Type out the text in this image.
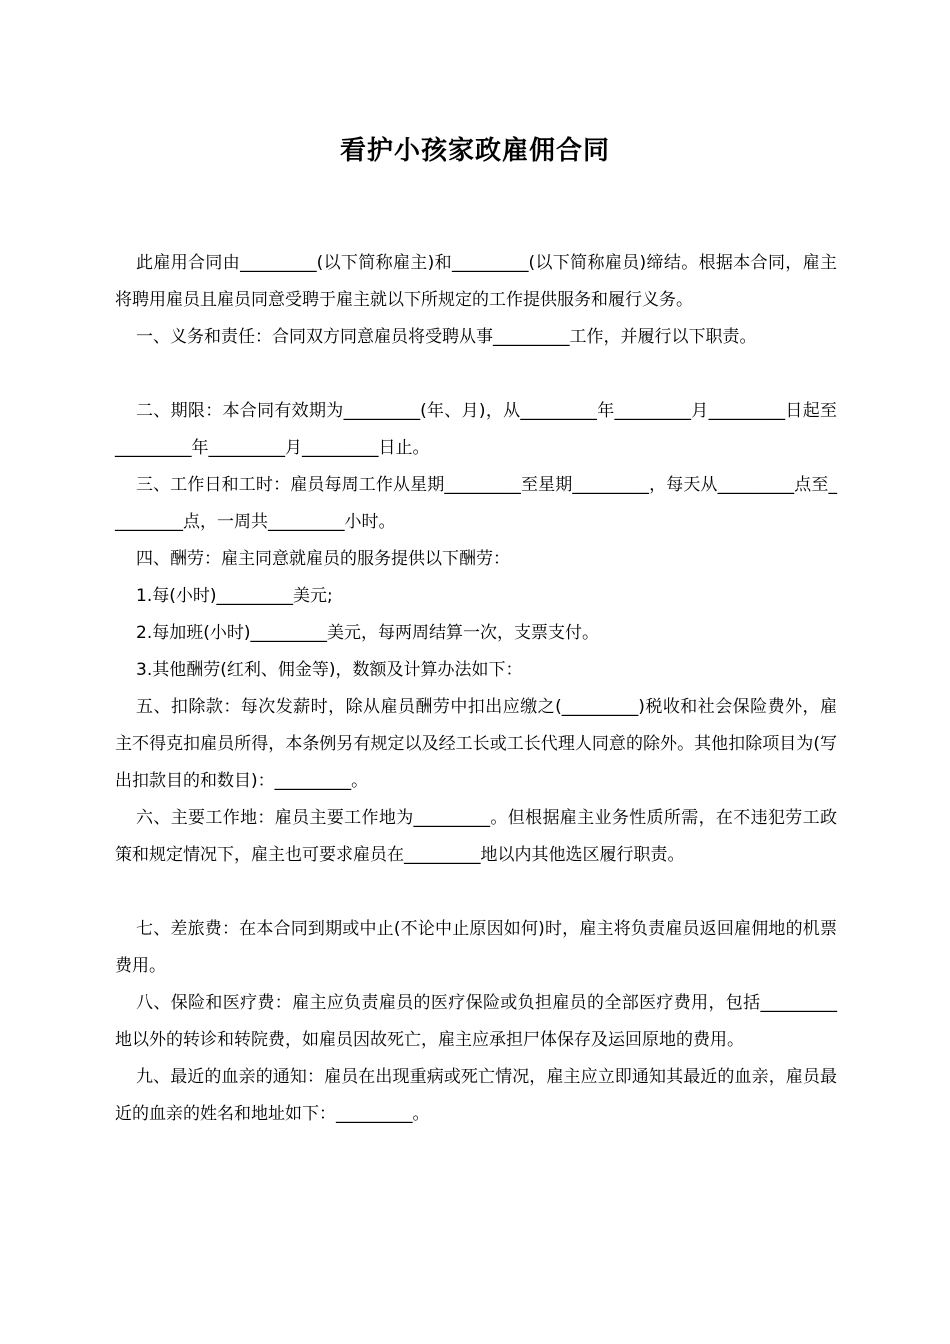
看护小孩家政雇佣合同

此雇用合同由_________(以下简称雇主)和_________(以下简称雇员)缔结。根据本合同，雇主将聘用雇员且雇员同意受聘于雇主就以下所规定的工作提供服务和履行义务。

一、义务和责任：合同双方同意雇员将受聘从事_________工作，并履行以下职责。

二、期限：本合同有效期为_________(年、月)，从_________年_________月_________日起至_________年_________月_________日止。

三、工作日和工时：雇员每周工作从星期_________至星期_________，每天从_________点至_________点，一周共_________小时。

四、酬劳：雇主同意就雇员的服务提供以下酬劳：

1.每(小时)_________美元;

2.每加班(小时)_________美元，每两周结算一次，支票支付。

3.其他酬劳(红利、佣金等)，数额及计算办法如下：

五、扣除款：每次发薪时，除从雇员酬劳中扣出应缴之(_________)税收和社会保险费外，雇主不得克扣雇员所得，本条例另有规定以及经工长或工长代理人同意的除外。其他扣除项目为(写出扣款目的和数目)：_________。

六、主要工作地：雇员主要工作地为_________。但根据雇主业务性质所需，在不违犯劳工政策和规定情况下，雇主也可要求雇员在_________地以内其他选区履行职责。

七、差旅费：在本合同到期或中止(不论中止原因如何)时，雇主将负责雇员返回雇佣地的机票费用。

八、保险和医疗费：雇主应负责雇员的医疗保险或负担雇员的全部医疗费用，包括_________地以外的转诊和转院费，如雇员因故死亡，雇主应承担尸体保存及运回原地的费用。

九、最近的血亲的通知：雇员在出现重病或死亡情况，雇主应立即通知其最近的血亲，雇员最近的血亲的姓名和地址如下：_________。
